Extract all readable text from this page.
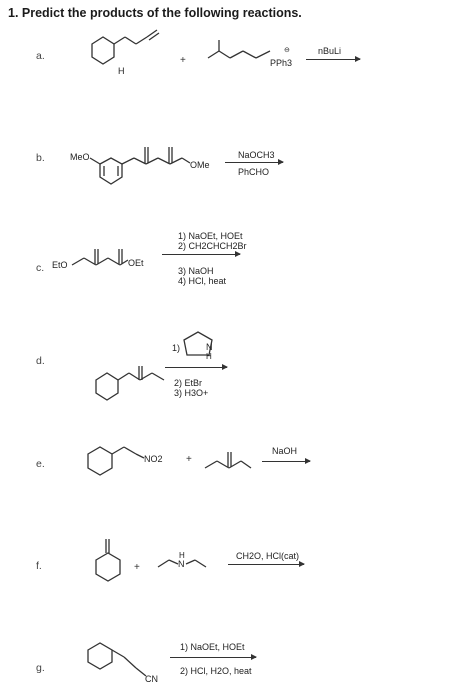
1. Predict the products of the following reactions.
a.
b.
c.
d.
e.
f.
g.
H
+	PPh3
⊖
MeO
OMe
EtO	OEt
N
H
NO2 +
+	N
H
CN
nBuLi
NaOCH3
PhCHO
1) NaOEt, HOEt
2) CH2CHCH2Br
3) NaOH
4) HCl, heat
1)
2) EtBr
3) H3O+
NaOH
CH2O, HCl(cat)
1) NaOEt, HOEt
2) HCl, H2O, heat
